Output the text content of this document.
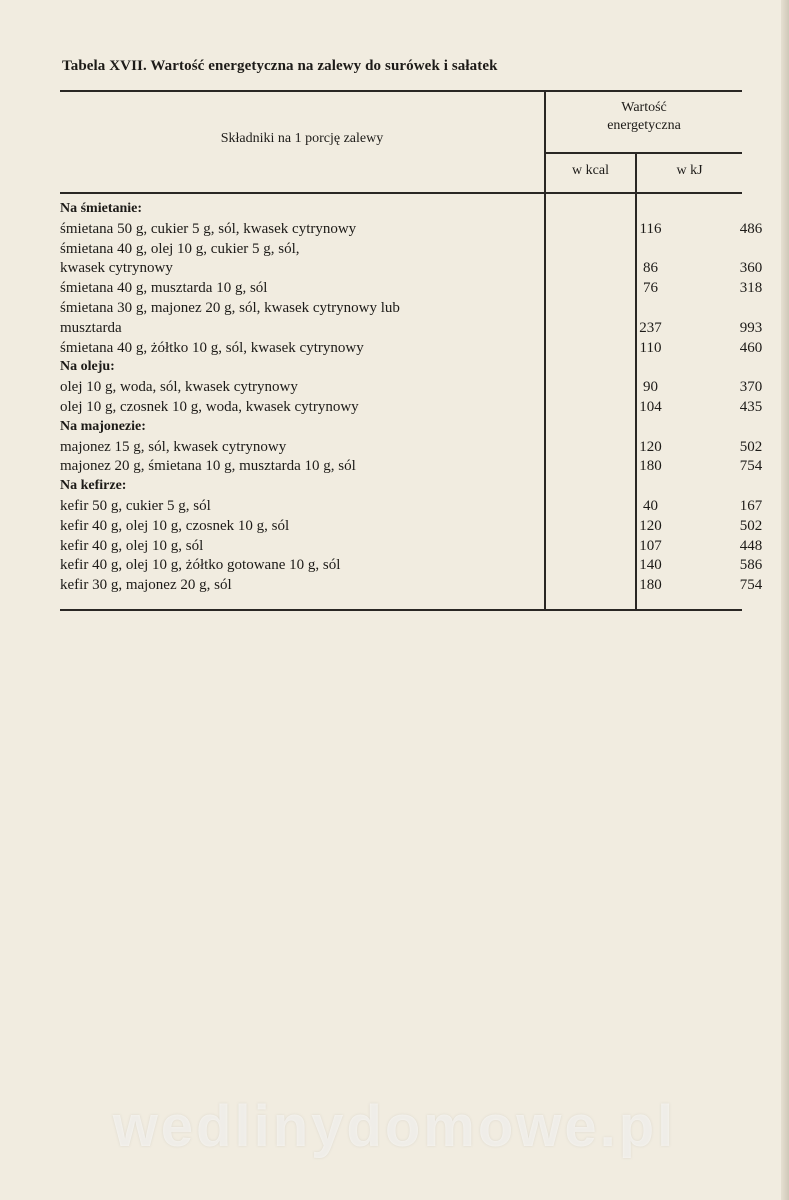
Tabela XVII. Wartość energetyczna na zalewy do surówek i sałatek
Składniki na 1 porcję zalewy
Wartość
energetyczna
w kcal	w kJ
Na śmietanie:
śmietana 50 g, cukier 5 g, sól, kwasek cytrynowy	116	486
śmietana 40 g, olej 10 g, cukier 5 g, sól,
kwasek cytrynowy	86	360
śmietana 40 g, musztarda 10 g, sól	76	318
śmietana 30 g, majonez 20 g, sól, kwasek cytrynowy lub
musztarda	237	993
śmietana 40 g, żółtko 10 g, sól, kwasek cytrynowy	110	460
Na oleju:
olej 10 g, woda, sól, kwasek cytrynowy	90	370
olej 10 g, czosnek 10 g, woda, kwasek cytrynowy	104	435
Na majonezie:
majonez 15 g, sól, kwasek cytrynowy	120	502
majonez 20 g, śmietana 10 g, musztarda 10 g, sól	180	754
Na kefirze:
kefir 50 g, cukier 5 g, sól	40	167
kefir 40 g, olej 10 g, czosnek 10 g, sól	120	502
kefir 40 g, olej 10 g, sól	107	448
kefir 40 g, olej 10 g, żółtko gotowane 10 g, sól	140	586
kefir 30 g, majonez 20 g, sól	180	754
wedlinydomowe.pl
